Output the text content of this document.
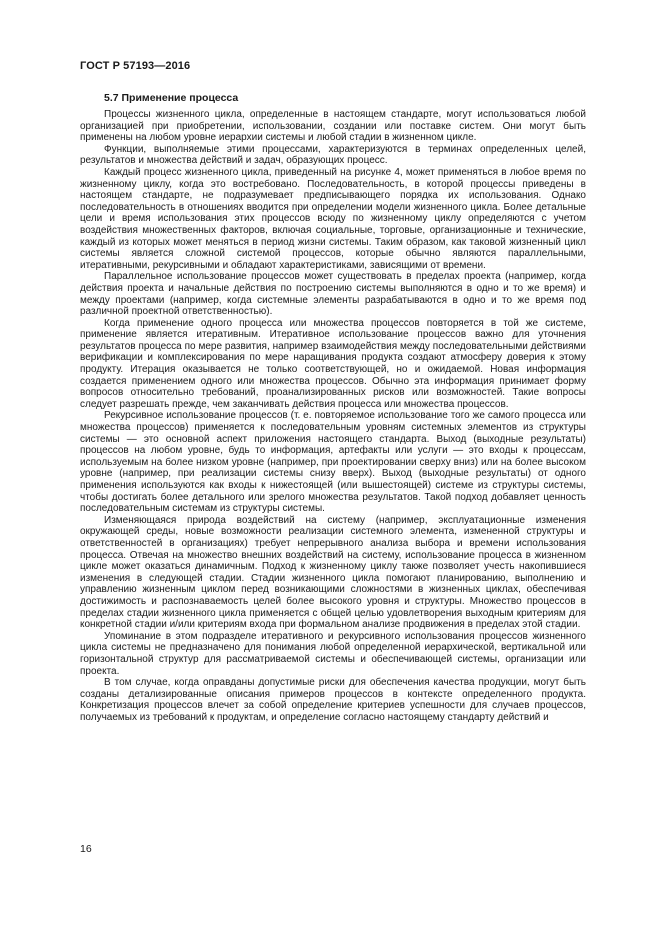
ГОСТ Р 57193—2016
5.7 Применение процесса

Процессы жизненного цикла, определенные в настоящем стандарте, могут использоваться любой организацией при приобретении, использовании, создании или поставке систем. Они могут быть применены на любом уровне иерархии системы и любой стадии в жизненном цикле.

Функции, выполняемые этими процессами, характеризуются в терминах определенных целей, результатов и множества действий и задач, образующих процесс.

Каждый процесс жизненного цикла, приведенный на рисунке 4, может применяться в любое время по жизненному циклу, когда это востребовано. Последовательность, в которой процессы приведены в настоящем стандарте, не подразумевает предписывающего порядка их использования. Однако последовательность в отношениях вводится при определении модели жизненного цикла. Более детальные цели и время использования этих процессов всюду по жизненному циклу определяются с учетом воздействия множественных факторов, включая социальные, торговые, организационные и технические, каждый из которых может меняться в период жизни системы. Таким образом, как таковой жизненный цикл системы является сложной системой процессов, которые обычно являются параллельными, итеративными, рекурсивными и обладают характеристиками, зависящими от времени.

Параллельное использование процессов может существовать в пределах проекта (например, когда действия проекта и начальные действия по построению системы выполняются в одно и то же время) и между проектами (например, когда системные элементы разрабатываются в одно и то же время под различной проектной ответственностью).

Когда применение одного процесса или множества процессов повторяется в той же системе, применение является итеративным. Итеративное использование процессов важно для уточнения результатов процесса по мере развития, например взаимодействия между последовательными действиями верификации и комплексирования по мере наращивания продукта создают атмосферу доверия к этому продукту. Итерация оказывается не только соответствующей, но и ожидаемой. Новая информация создается применением одного или множества процессов. Обычно эта информация принимает форму вопросов относительно требований, проанализированных рисков или возможностей. Такие вопросы следует разрешать прежде, чем заканчивать действия процесса или множества процессов.

Рекурсивное использование процессов (т. е. повторяемое использование того же самого процесса или множества процессов) применяется к последовательным уровням системных элементов из структуры системы — это основной аспект приложения настоящего стандарта. Выход (выходные результаты) процессов на любом уровне, будь то информация, артефакты или услуги — это входы к процессам, используемым на более низком уровне (например, при проектировании сверху вниз) или на более высоком уровне (например, при реализации системы снизу вверх). Выход (выходные результаты) от одного применения используются как входы к нижестоящей (или вышестоящей) системе из структуры системы, чтобы достигать более детального или зрелого множества результатов. Такой подход добавляет ценность последовательным системам из структуры системы.

Изменяющаяся природа воздействий на систему (например, эксплуатационные изменения окружающей среды, новые возможности реализации системного элемента, измененной структуры и ответственностей в организациях) требует непрерывного анализа выбора и времени использования процесса. Отвечая на множество внешних воздействий на систему, использование процесса в жизненном цикле может оказаться динамичным. Подход к жизненному циклу также позволяет учесть накопившиеся изменения в следующей стадии. Стадии жизненного цикла помогают планированию, выполнению и управлению жизненным циклом перед возникающими сложностями в жизненных циклах, обеспечивая достижимость и распознаваемость целей более высокого уровня и структуры. Множество процессов в пределах стадии жизненного цикла применяется с общей целью удовлетворения выходным критериям для конкретной стадии и/или критериям входа при формальном анализе продвижения в пределах этой стадии.

Упоминание в этом подразделе итеративного и рекурсивного использования процессов жизненного цикла системы не предназначено для понимания любой определенной иерархической, вертикальной или горизонтальной структур для рассматриваемой системы и обеспечивающей системы, организации или проекта.

В том случае, когда оправданы допустимые риски для обеспечения качества продукции, могут быть созданы детализированные описания примеров процессов в контексте определенного продукта. Конкретизация процессов влечет за собой определение критериев успешности для случаев процессов, получаемых из требований к продуктам, и определение согласно настоящему стандарту действий и

16
